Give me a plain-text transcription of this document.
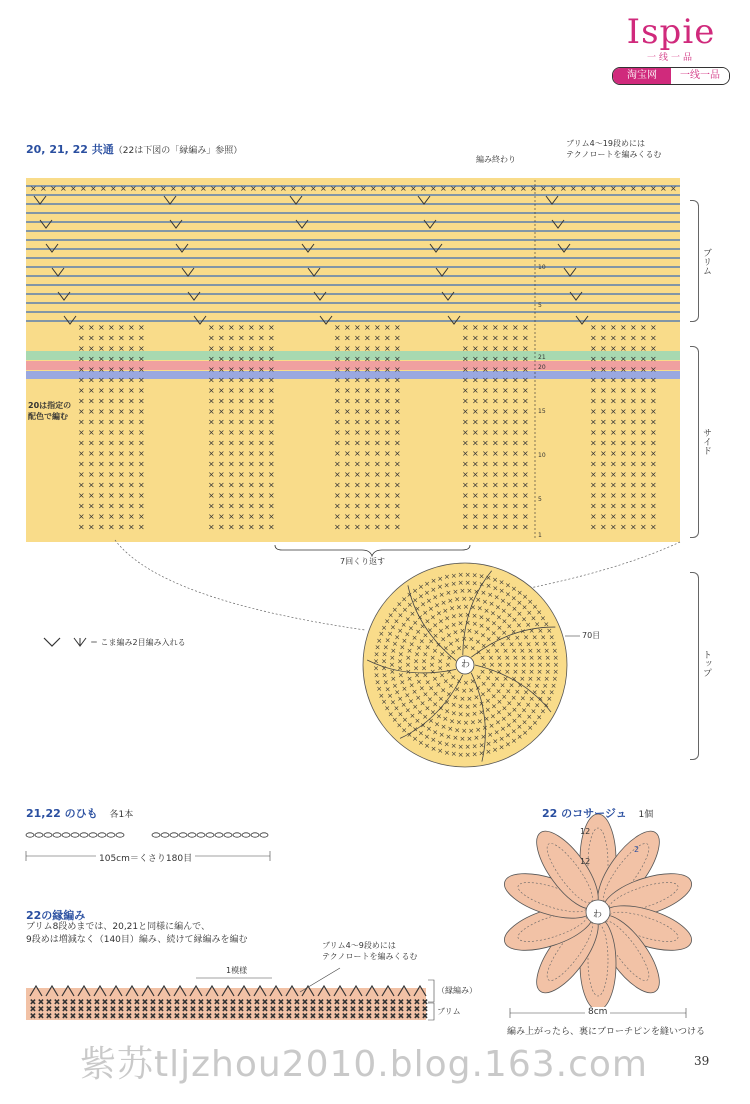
Ispie
一线一品
淘宝网	一线一品
20, 21, 22 共通（22は下図の「縁編み」参照）
編み終わり
ブリム4〜19段めには
テクノロートを編みくるむ
× × × × × × ×
× × × × × × ×
× × × × × × ×
× × × × × × ×
× × × × × × ×
× × × × × × ×
× × × × × × ×
× × × × × × ×
× × × × × × ×
× × × × × × ×
× × × × × × ×
× × × × × × ×
× × × × × × ×
× × × × × × ×
× × × × × × ×
× × × × × × ×
× × × × × × ×
× × × × × × ×
× × × × × × ×
× × × × × × ×
× × × × × × ×
× × × × × × ×
× × × × × × ×
× × × × × × ×
× × × × × × ×
× × × × × × ×
× × × × × × ×
× × × × × × ×
× × × × × × ×
× × × × × × ×
× × × × × × ×
× × × × × × ×
× × × × × × ×
× × × × × × ×
× × × × × × ×
× × × × × × ×
× × × × × × ×
× × × × × × ×
× × × × × × ×
× × × × × × ×
× × × × × × ×
× × × × × × ×
× × × × × × ×
× × × × × × ×
× × × × × × ×
× × × × × × ×
× × × × × × ×
× × × × × × ×
× × × × × × ×
× × × × × × ×
× × × × × × ×
× × × × × × ×
× × × × × × ×
× × × × × × ×
× × × × × × ×
× × × × × × ×
× × × × × × ×
× × × × × × ×
× × × × × × ×
× × × × × × ×
× × × × × × ×
× × × × × × ×
× × × × × × ×
× × × × × × ×
× × × × × × ×
× × × × × × ×
× × × × × × ×
× × × × × × ×
× × × × × × ×
× × × × × × ×
× × × × × × ×
× × × × × × ×
× × × × × × ×
× × × × × × ×
× × × × × × ×
× × × × × × ×
× × × × × × ×
× × × × × × ×
× × × × × × ×
× × × × × × ×
× × × × × × ×
× × × × × × ×
× × × × × × ×
× × × × × × ×
× × × × × × ×
× × × × × × ×
× × × × × × ×
× × × × × × ×
× × × × × × ×
× × × × × × ×
× × × × × × ×
× × × × × × ×
× × × × × × ×
× × × × × × ×
× × × × × × ×
× × × × × × ×
× × × × × × ×
× × × × × × ×
× × × × × × ×
× × × × × × ×
× × × × × × × × × × × × × × × × × × × × × × × × × × × × × × × × × × × × × × × × × × × × × × × × × × × × × × × × × × × × × × × × ×
×
×
×
×
×
×
×
×
×
×
× × × × ×
×
×
×
×
×
×
×
×
×
×
×
×
×
×
×
×
× × × × ×
×
×
×
×
×
×
×
×
×
×
×
×
×
×
×
×
×
×
×
×
×
×
×
× × × × × ×
×
×
×
×
×
×
×
×
×
×
×
×
×
×
×
×
×
×
×
×
×
×
×
×
×
×
×
×
× × × × × × × ×
×
×
×
×
×
×
×
×
×
×
×
×
×
×
×
×
×
×
×
×
×
×
×
×
×
×
×
×
×
×
×
×
×
×
× × × × × × × × × ×
×
×
×
×
×
×
×
×
×
×
×
×
×
×
×
×
×
×
×
×
×
×
×
×
×
×
×
×
×
×
×
×
×
×
×
×
×
×
×
×
× × × × × × × × × × ×
×
×
×
×
×
×
×
×
×
×
×
×
×
×
×
×
×
×
×
×
×
×
×
×
×
×
×
×
×
×
×
×
×
×
×
×
×
×
×
×
×
×
×
×
×
×
× × × × × × × × × × × ×
×
×
×
×
×
×
×
×
×
×
×
×
×
×
×
×
×
×
×
×
×
×
×
×
×
×
×
×
×
×
×
×
×
×
×
×
×
×
×
×
×
×
×
×
×
×
×
×
×
×
×
× × × × × × × × × × × × × ×
×
×
×
×
×
×
×
×
×
×
×
×
×
×
×
×
×
×
×
×
×
×
×
×
×
×
×
×
×
×
×
×
×
×
×
×
×
×
×
×
×
×
×
×
×
×
×
×
×
×
×
×
×
×
×
×
×
× × × × × × × × × × × × × × ×
×
×
×
×
×
×
×
×
×
×
×
×
×
×
×
×
×
×
×
×
×
×
×
×
×
×
×
×
×
×
×
×
×
×
×
×
×
×
×
×
×
×
×
×
×
×
×
×
×
×
×
×
×
×
×
×
×
×
×
×
×
×
×
× × × × × × × × × × × × × × × × ×
×
×
×
×
×
×
×
×
×
×
×
× × × × × × × × × × × × × × × × × × × × × × × × × × × × × × × × × × × × × × × × × × × × × × × × × ×
× × × × × × × × × × × × × × × × × × × × × × × × × × × × × × × × × × × × × × × × × × × × × × × × × ×
× × × × × × × × × × × × × × × × × × × × × × × × × × × × × × × × × × × × × × × × × × × × × × × × × ×
ブリム
サイド
トップ
21
20
15
10
5
1
10
5
20は指定の
配色で編む
7回くり返す
70目
＝ こま編み2目編み入れる
わ
21,22 のひも 各1本
105cm＝くさり180目
22の縁編み
ブリム8段めまでは、20,21と同様に編んで、
9段めは増減なく（140目）編み、続けて縁編みを編む
ブリム4〜9段めには
テクノロートを編みくるむ
1模様
（縁編み）
ブリム
22 のコサージュ 1個
12
12
2
わ
8cm
編み上がったら、裏にブローチピンを縫いつける
紫苏tljzhou2010.blog.163.com	39
